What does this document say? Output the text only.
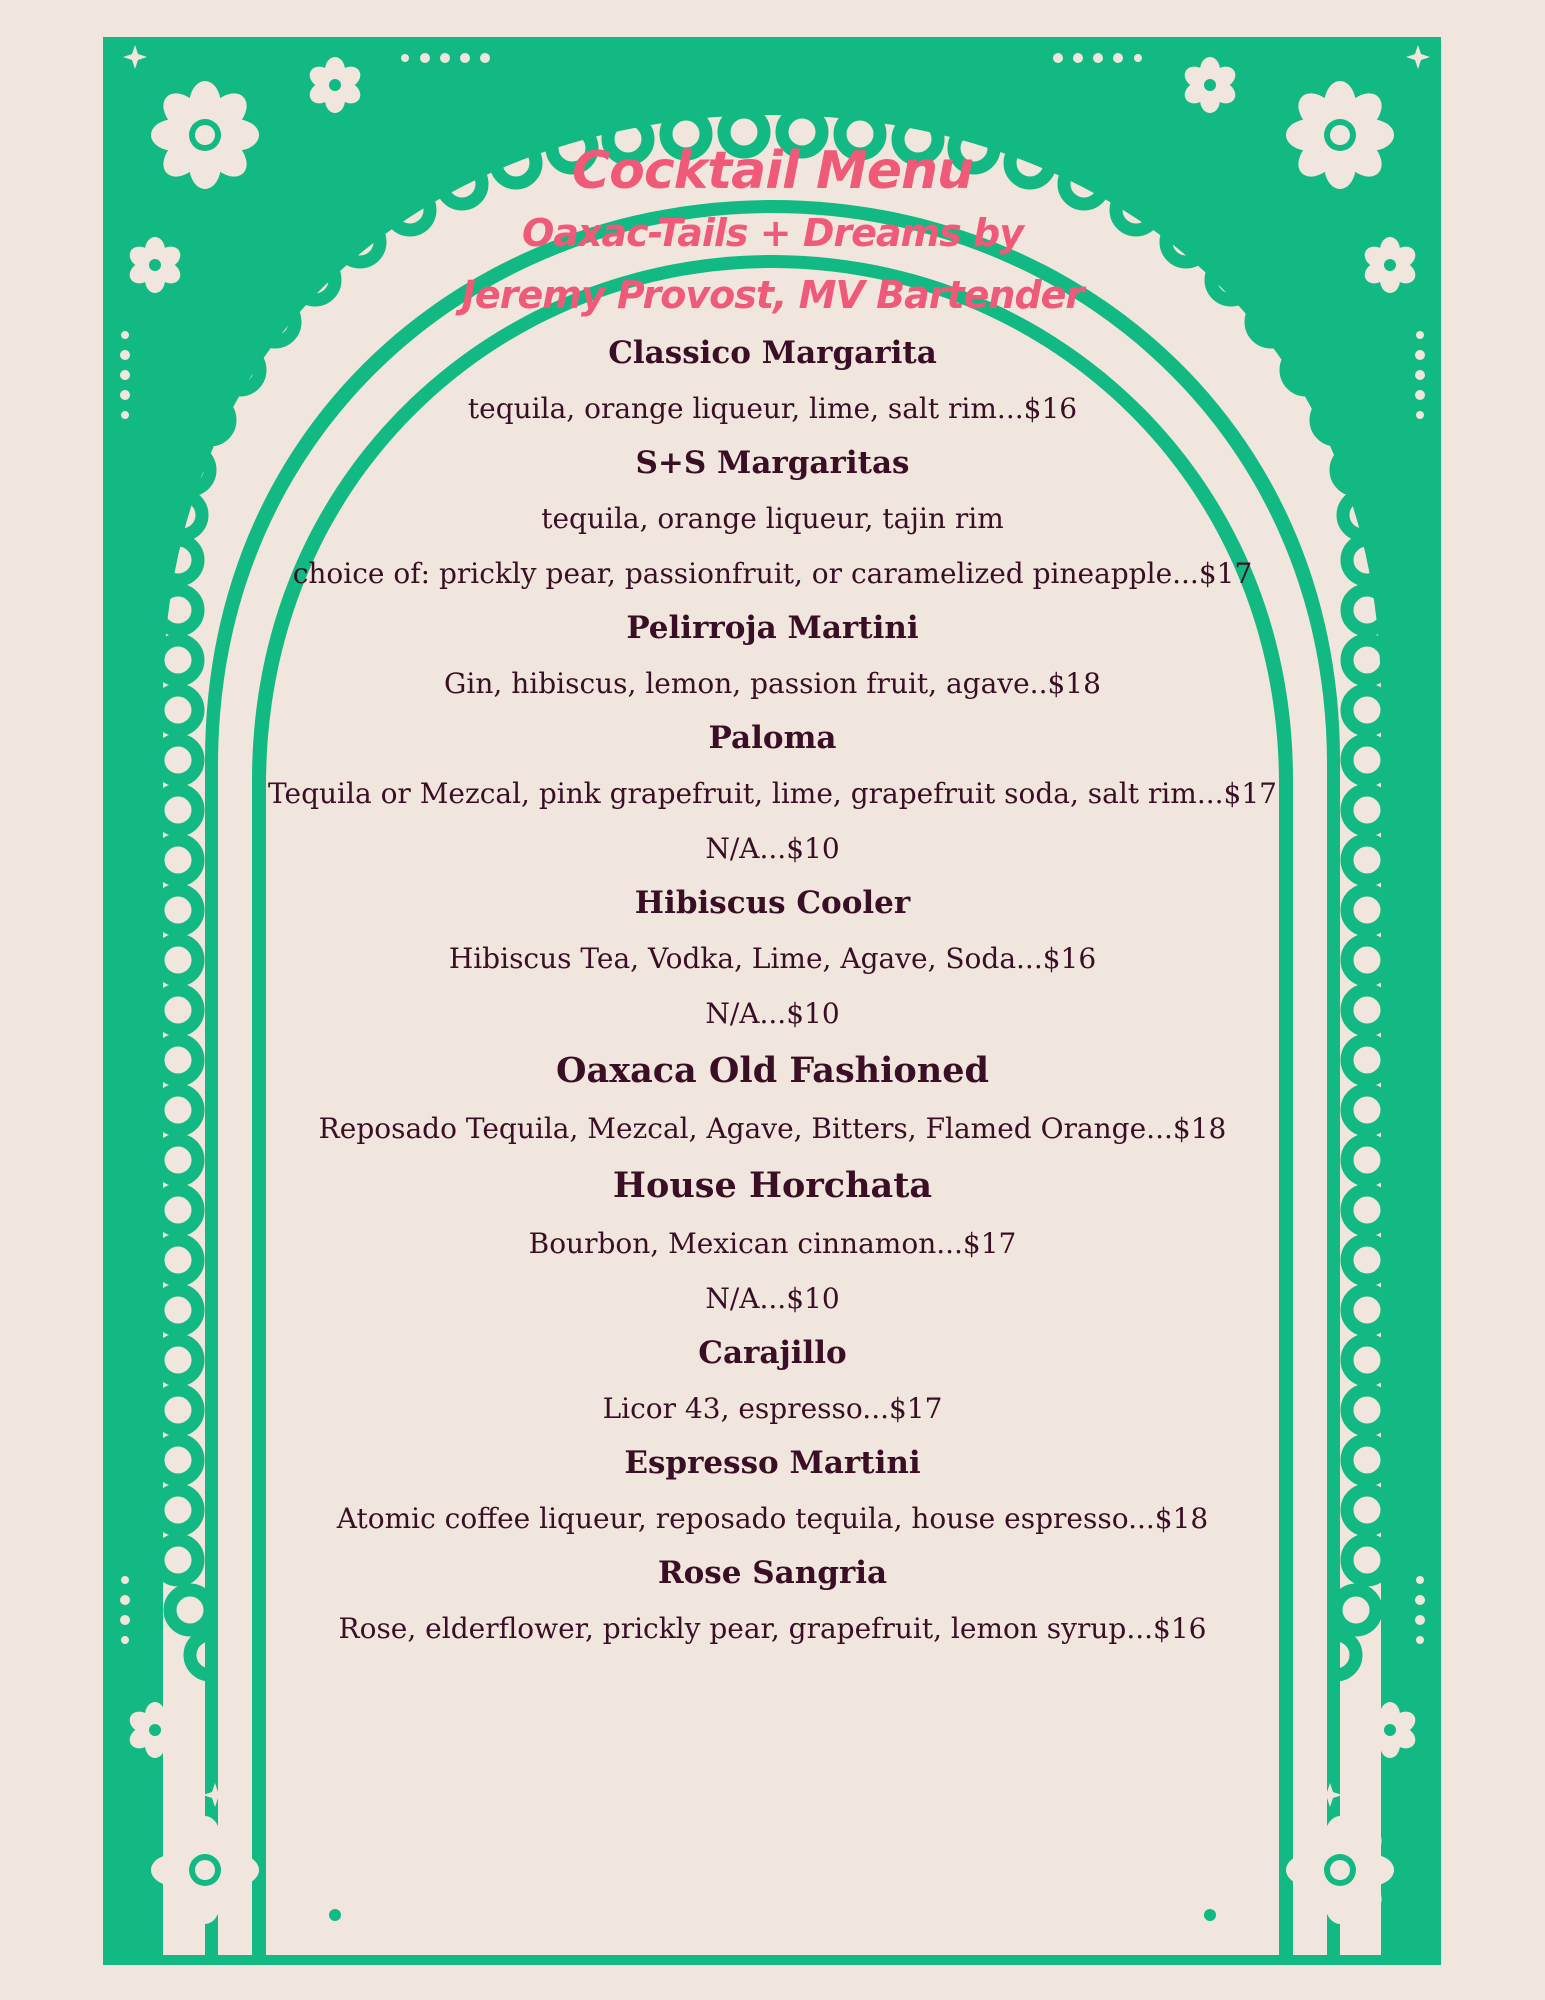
Cocktail Menu
Oaxac-Tails + Dreams by
Jeremy Provost, MV Bartender
Classico Margarita
tequila, orange liqueur, lime, salt rim...$16
S+S Margaritas
tequila, orange liqueur, tajin rim
choice of: prickly pear, passionfruit, or caramelized pineapple...$17
Pelirroja Martini
Gin, hibiscus, lemon, passion fruit, agave..$18
Paloma
Tequila or Mezcal, pink grapefruit, lime, grapefruit soda, salt rim...$17
N/A...$10
Hibiscus Cooler
Hibiscus Tea, Vodka, Lime, Agave, Soda...$16
N/A...$10
Oaxaca Old Fashioned
Reposado Tequila, Mezcal, Agave, Bitters, Flamed Orange...$18
House Horchata
Bourbon, Mexican cinnamon...$17
N/A...$10
Carajillo
Licor 43, espresso...$17
Espresso Martini
Atomic coffee liqueur, reposado tequila, house espresso...$18
Rose Sangria
Rose, elderflower, prickly pear, grapefruit, lemon syrup...$16
